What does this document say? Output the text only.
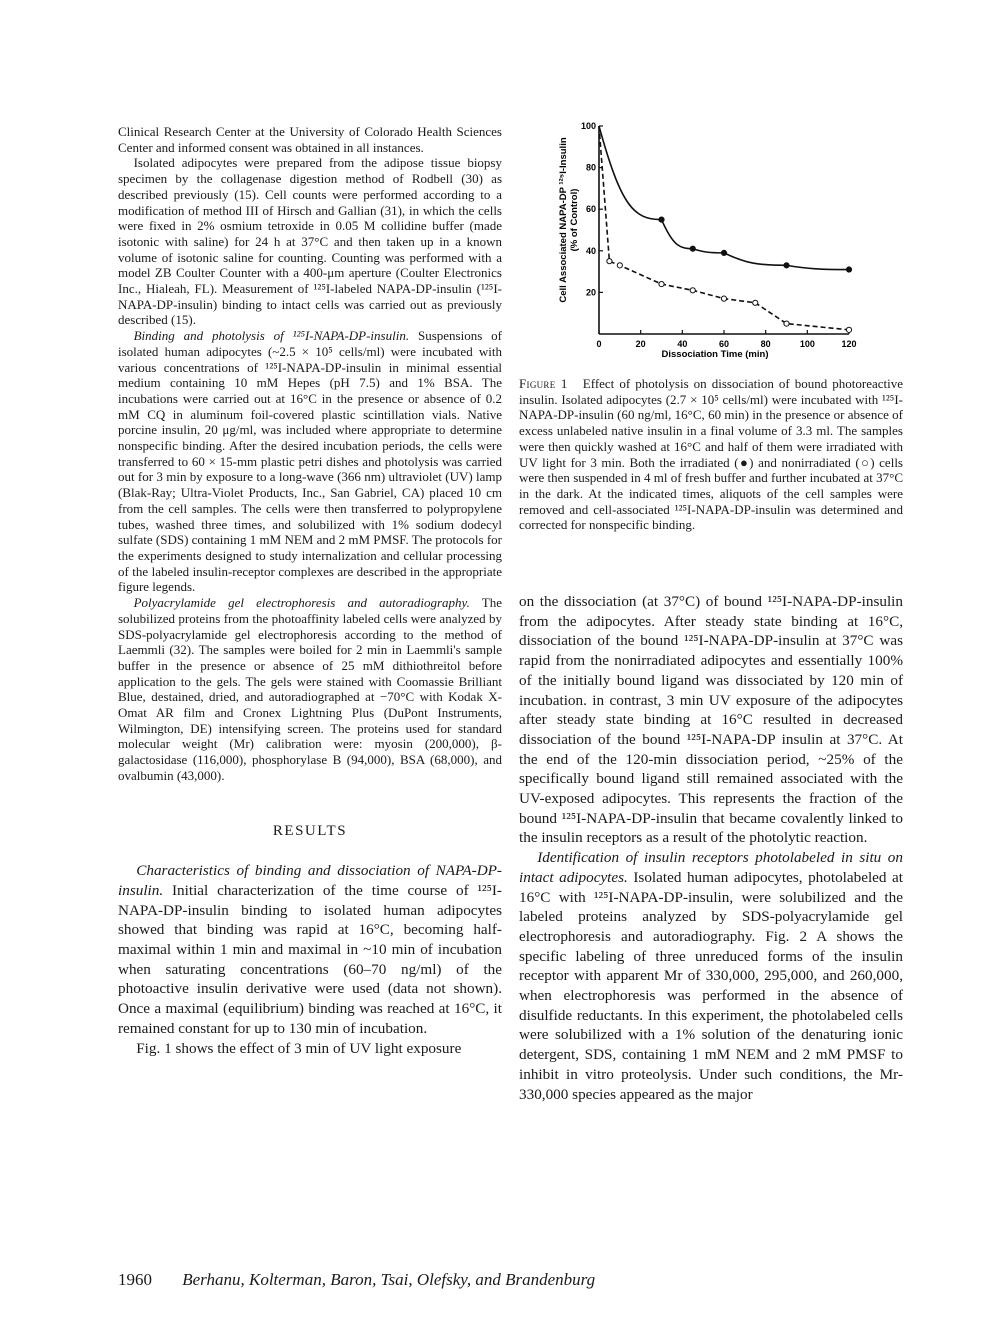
Clinical Research Center at the University of Colorado Health Sciences Center and informed consent was obtained in all instances.

Isolated adipocytes were prepared from the adipose tissue biopsy specimen by the collagenase digestion method of Rodbell (30) as described previously (15). Cell counts were performed according to a modification of method III of Hirsch and Gallian (31), in which the cells were fixed in 2% osmium tetroxide in 0.05 M collidine buffer (made isotonic with saline) for 24 h at 37°C and then taken up in a known volume of isotonic saline for counting. Counting was performed with a model ZB Coulter Counter with a 400-μm aperture (Coulter Electronics Inc., Hialeah, FL). Measurement of ¹²⁵I-labeled NAPA-DP-insulin (¹²⁵I-NAPA-DP-insulin) binding to intact cells was carried out as previously described (15).

Binding and photolysis of ¹²⁵I-NAPA-DP-insulin. Suspensions of isolated human adipocytes (~2.5 × 10⁵ cells/ml) were incubated with various concentrations of ¹²⁵I-NAPA-DP-insulin in minimal essential medium containing 10 mM Hepes (pH 7.5) and 1% BSA. The incubations were carried out at 16°C in the presence or absence of 0.2 mM CQ in aluminum foil-covered plastic scintillation vials. Native porcine insulin, 20 μg/ml, was included where appropriate to determine nonspecific binding. After the desired incubation periods, the cells were transferred to 60 × 15-mm plastic petri dishes and photolysis was carried out for 3 min by exposure to a long-wave (366 nm) ultraviolet (UV) lamp (Blak-Ray; Ultra-Violet Products, Inc., San Gabriel, CA) placed 10 cm from the cell samples. The cells were then transferred to polypropylene tubes, washed three times, and solubilized with 1% sodium dodecyl sulfate (SDS) containing 1 mM NEM and 2 mM PMSF. The protocols for the experiments designed to study internalization and cellular processing of the labeled insulin-receptor complexes are described in the appropriate figure legends.

Polyacrylamide gel electrophoresis and autoradiography. The solubilized proteins from the photoaffinity labeled cells were analyzed by SDS-polyacrylamide gel electrophoresis according to the method of Laemmli (32). The samples were boiled for 2 min in Laemmli's sample buffer in the presence or absence of 25 mM dithiothreitol before application to the gels. The gels were stained with Coomassie Brilliant Blue, destained, dried, and autoradiographed at −70°C with Kodak X-Omat AR film and Cronex Lightning Plus (DuPont Instruments, Wilmington, DE) intensifying screen. The proteins used for standard molecular weight (Mr) calibration were: myosin (200,000), β-galactosidase (116,000), phosphorylase B (94,000), BSA (68,000), and ovalbumin (43,000).

RESULTS

Characteristics of binding and dissociation of NAPA-DP-insulin. Initial characterization of the time course of ¹²⁵I-NAPA-DP-insulin binding to isolated human adipocytes showed that binding was rapid at 16°C, becoming half-maximal within 1 min and maximal in ~10 min of incubation when saturating concentrations (60–70 ng/ml) of the photoactive insulin derivative were used (data not shown). Once a maximal (equilibrium) binding was reached at 16°C, it remained constant for up to 130 min of incubation.

Fig. 1 shows the effect of 3 min of UV light exposure

0	20	40	60	80	100	120
20
40
60
80
100
Cell Associated NAPA-DP ¹²⁵I-Insulin (% of Control)
Dissociation Time (min)
Figure 1 Effect of photolysis on dissociation of bound photoreactive insulin. Isolated adipocytes (2.7 × 10⁵ cells/ml) were incubated with ¹²⁵I-NAPA-DP-insulin (60 ng/ml, 16°C, 60 min) in the presence or absence of excess unlabeled native insulin in a final volume of 3.3 ml. The samples were then quickly washed at 16°C and half of them were irradiated with UV light for 3 min. Both the irradiated (●) and nonirradiated (○) cells were then suspended in 4 ml of fresh buffer and further incubated at 37°C in the dark. At the indicated times, aliquots of the cell samples were removed and cell-associated ¹²⁵I-NAPA-DP-insulin was determined and corrected for nonspecific binding.

on the dissociation (at 37°C) of bound ¹²⁵I-NAPA-DP-insulin from the adipocytes. After steady state binding at 16°C, dissociation of the bound ¹²⁵I-NAPA-DP-insulin at 37°C was rapid from the nonirradiated adipocytes and essentially 100% of the initially bound ligand was dissociated by 120 min of incubation. in contrast, 3 min UV exposure of the adipocytes after steady state binding at 16°C resulted in decreased dissociation of the bound ¹²⁵I-NAPA-DP insulin at 37°C. At the end of the 120-min dissociation period, ~25% of the specifically bound ligand still remained associated with the UV-exposed adipocytes. This represents the fraction of the bound ¹²⁵I-NAPA-DP-insulin that became covalently linked to the insulin receptors as a result of the photolytic reaction.

Identification of insulin receptors photolabeled in situ on intact adipocytes. Isolated human adipocytes, photolabeled at 16°C with ¹²⁵I-NAPA-DP-insulin, were solubilized and the labeled proteins analyzed by SDS-polyacrylamide gel electrophoresis and autoradiography. Fig. 2 A shows the specific labeling of three unreduced forms of the insulin receptor with apparent Mr of 330,000, 295,000, and 260,000, when electrophoresis was performed in the absence of disulfide reductants. In this experiment, the photolabeled cells were solubilized with a 1% solution of the denaturing ionic detergent, SDS, containing 1 mM NEM and 2 mM PMSF to inhibit in vitro proteolysis. Under such conditions, the Mr-330,000 species appeared as the major

1960 Berhanu, Kolterman, Baron, Tsai, Olefsky, and Brandenburg
